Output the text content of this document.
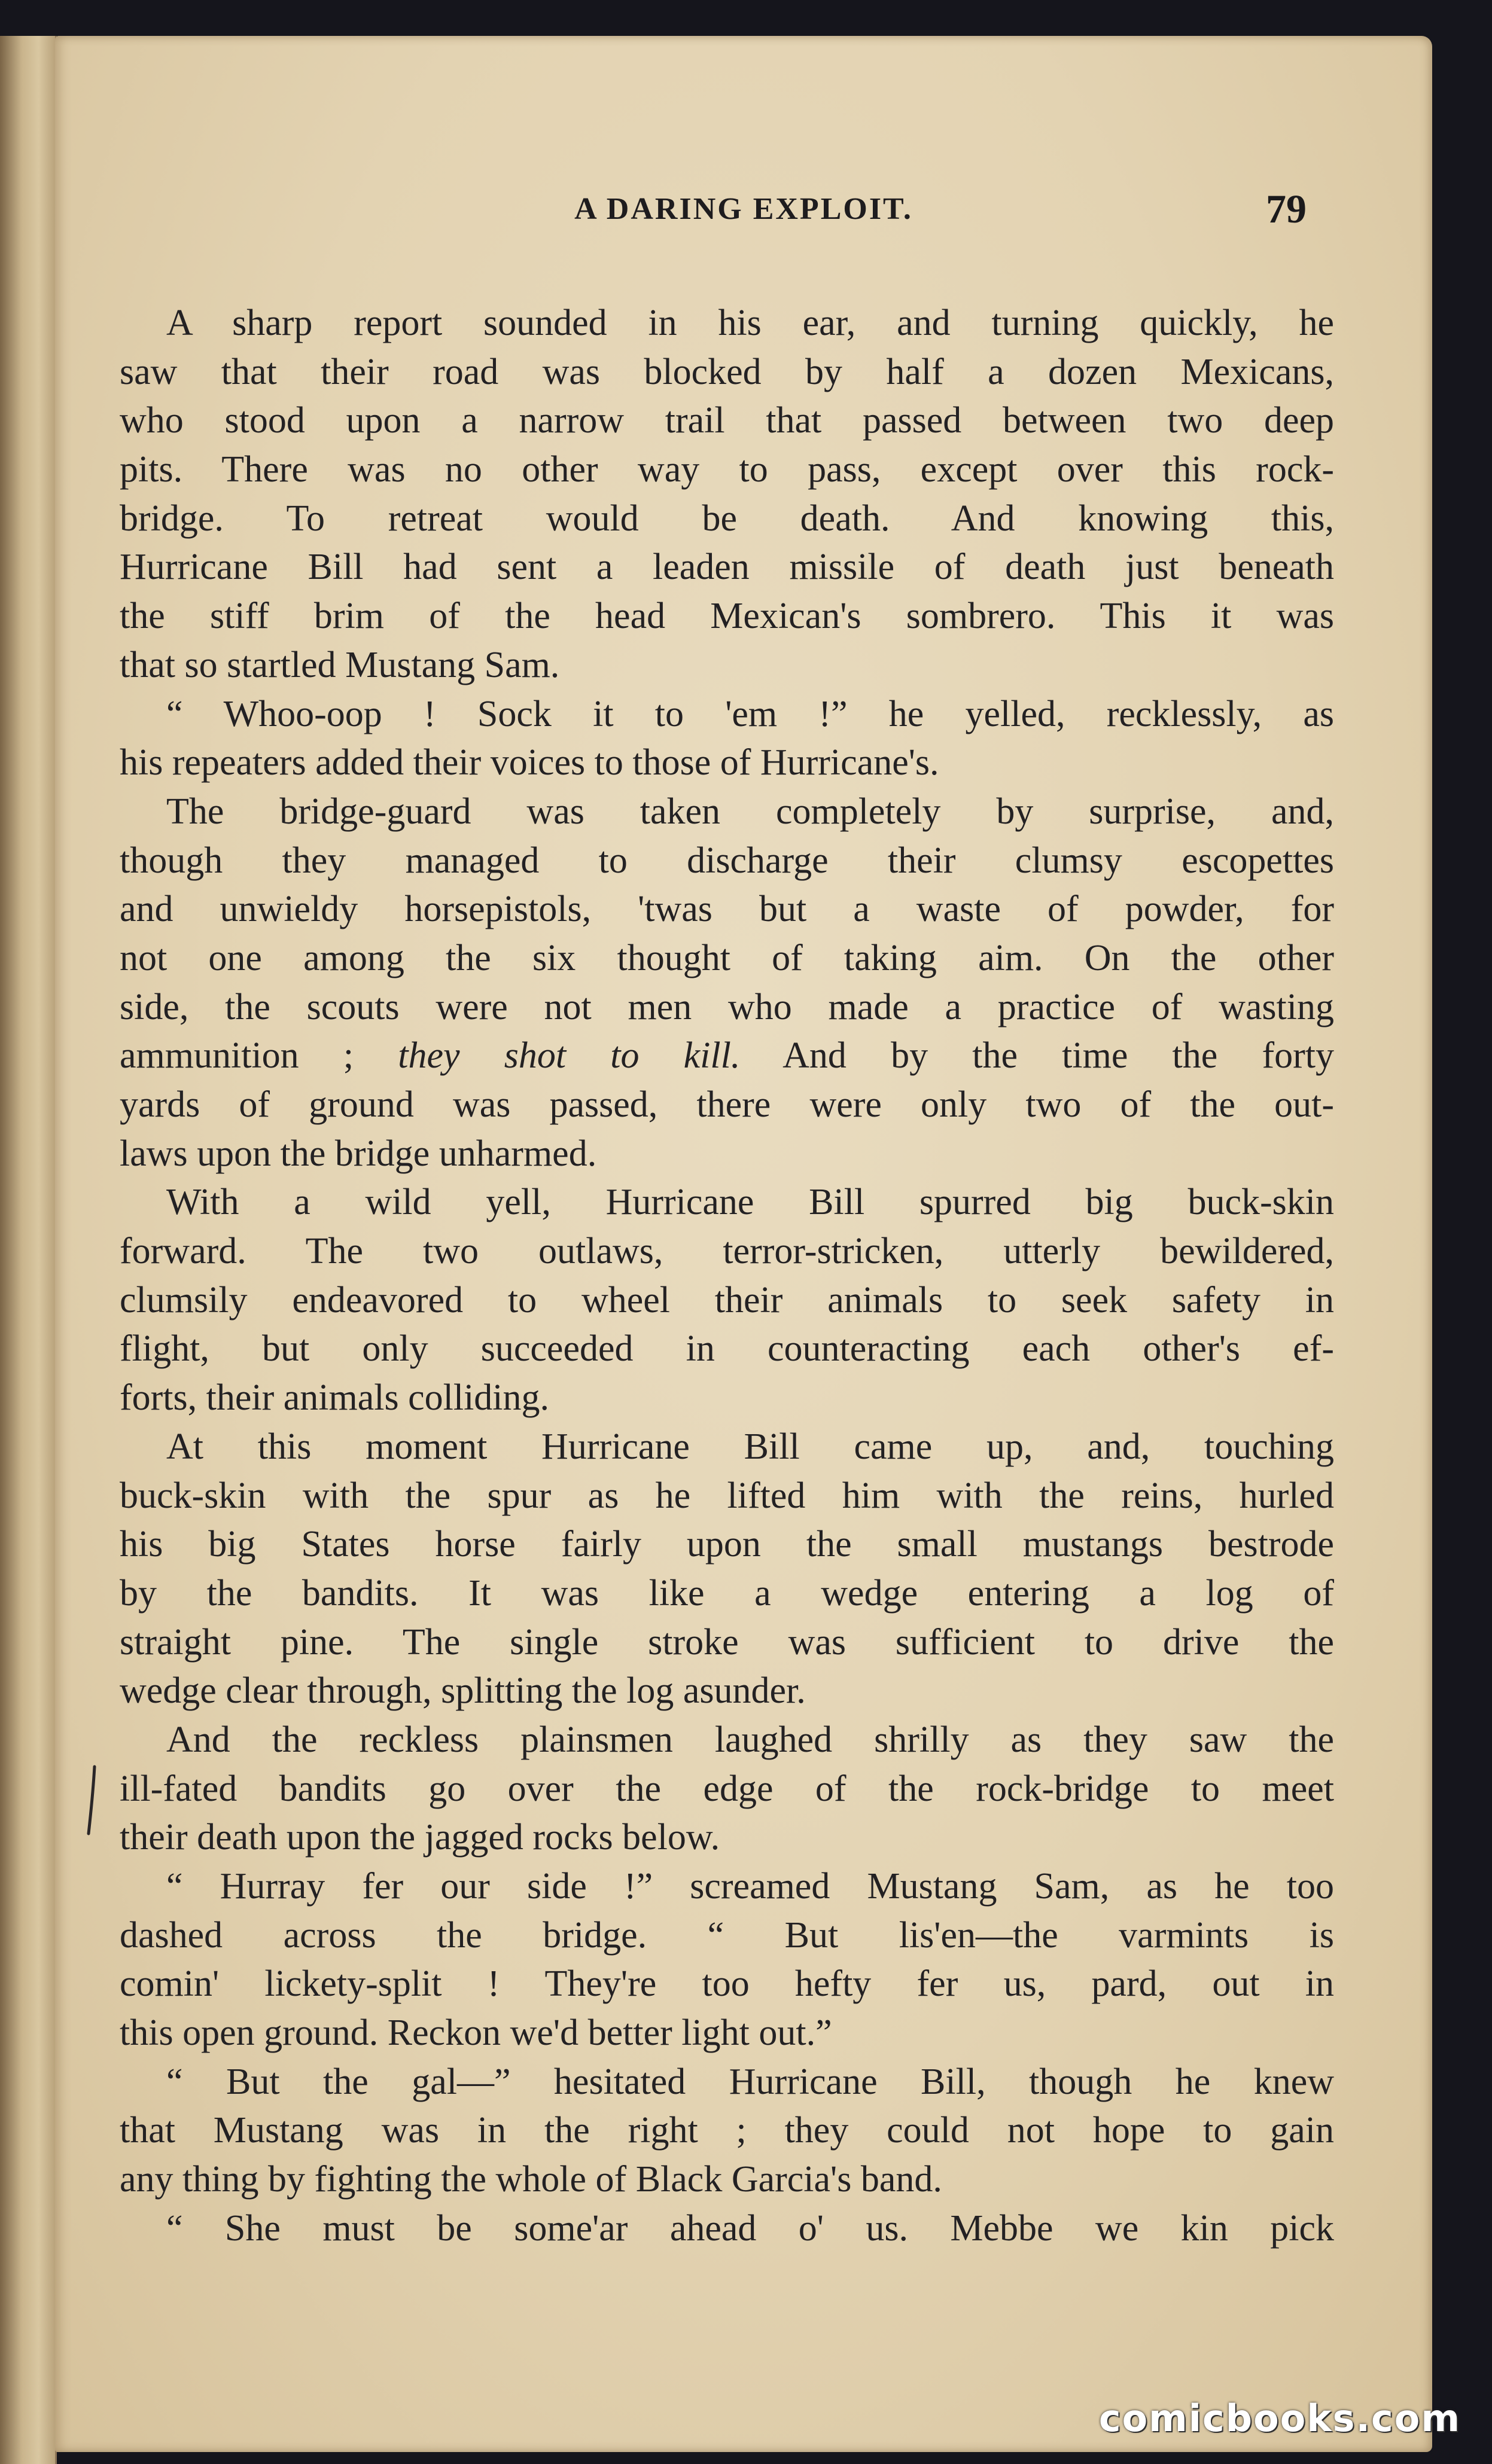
A DARING EXPLOIT.	79
A sharp report sounded in his ear, and turning quickly, he
saw that their road was blocked by half a dozen Mexicans,
who stood upon a narrow trail that passed between two deep
pits. There was no other way to pass, except over this rock-
bridge. To retreat would be death. And knowing this,
Hurricane Bill had sent a leaden missile of death just beneath
the stiff brim of the head Mexican's sombrero. This it was
that so startled Mustang Sam.
“ Whoo-oop ! Sock it to 'em !” he yelled, recklessly, as
his repeaters added their voices to those of Hurricane's.
The bridge-guard was taken completely by surprise, and,
though they managed to discharge their clumsy escopettes
and unwieldy horsepistols, 'twas but a waste of powder, for
not one among the six thought of taking aim. On the other
side, the scouts were not men who made a practice of wasting
ammunition ; they shot to kill. And by the time the forty
yards of ground was passed, there were only two of the out-
laws upon the bridge unharmed.
With a wild yell, Hurricane Bill spurred big buck-skin
forward. The two outlaws, terror-stricken, utterly bewildered,
clumsily endeavored to wheel their animals to seek safety in
flight, but only succeeded in counteracting each other's ef-
forts, their animals colliding.
At this moment Hurricane Bill came up, and, touching
buck-skin with the spur as he lifted him with the reins, hurled
his big States horse fairly upon the small mustangs bestrode
by the bandits. It was like a wedge entering a log of
straight pine. The single stroke was sufficient to drive the
wedge clear through, splitting the log asunder.
And the reckless plainsmen laughed shrilly as they saw the
ill-fated bandits go over the edge of the rock-bridge to meet
their death upon the jagged rocks below.
“ Hurray fer our side !” screamed Mustang Sam, as he too
dashed across the bridge. “ But lis'en—the varmints is
comin' lickety-split ! They're too hefty fer us, pard, out in
this open ground. Reckon we'd better light out.”
“ But the gal—” hesitated Hurricane Bill, though he knew
that Mustang was in the right ; they could not hope to gain
any thing by fighting the whole of Black Garcia's band.
“ She must be some'ar ahead o' us. Mebbe we kin pick
comicbooks.com
